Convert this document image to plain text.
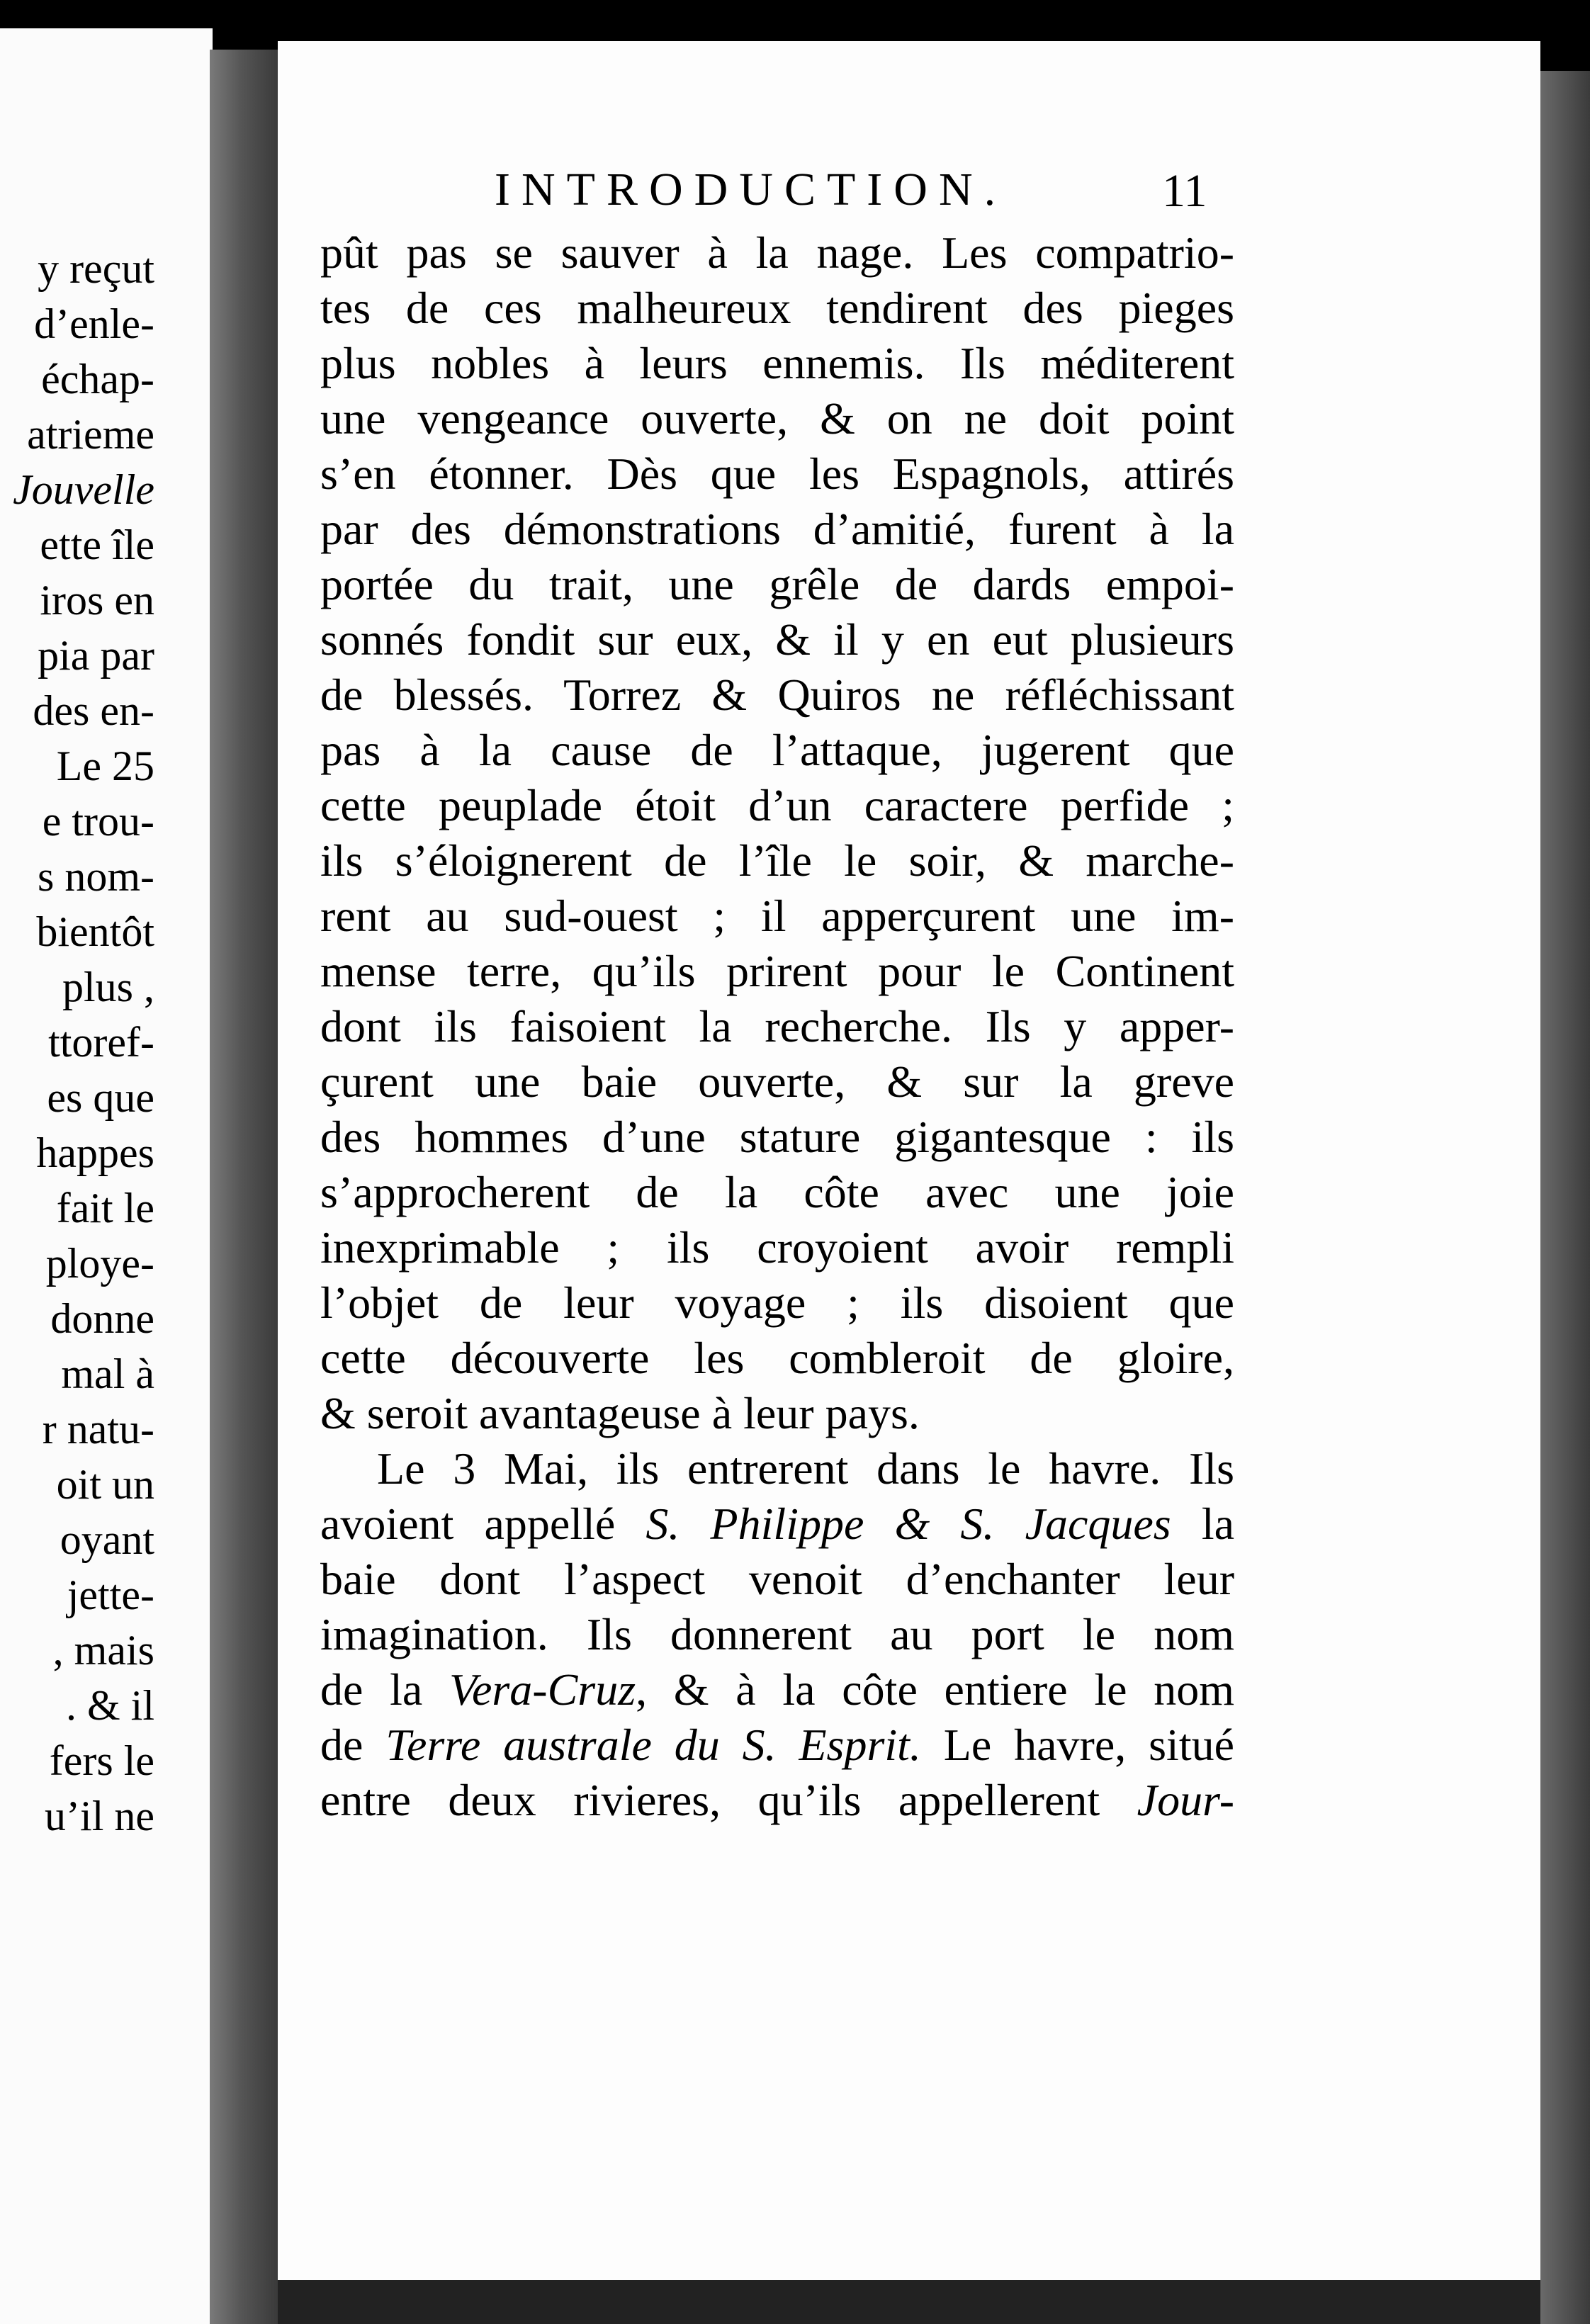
y reçut
d’enle-
échap-
atrieme
Jouvelle
ette île
iros en
pia par
des en-
Le 25
e trou-
s nom-
bientôt
plus ,
ttoref-
es que
happes
fait le
ploye-
donne
mal à
r natu-
oit un
oyant
jette-
, mais
. & il
fers le
u’il ne
INTRODUCTION.	11
pût pas se sauver à la nage. Les compatrio-
tes de ces malheureux tendirent des pieges
plus nobles à leurs ennemis. Ils méditerent
une vengeance ouverte, & on ne doit point
s’en étonner. Dès que les Espagnols, attirés
par des démonstrations d’amitié, furent à la
portée du trait, une grêle de dards empoi-
sonnés fondit sur eux, & il y en eut plusieurs
de blessés. Torrez & Quiros ne réfléchissant
pas à la cause de l’attaque, jugerent que
cette peuplade étoit d’un caractere perfide ;
ils s’éloignerent de l’île le soir, & marche-
rent au sud-ouest ; il apperçurent une im-
mense terre, qu’ils prirent pour le Continent
dont ils faisoient la recherche. Ils y apper-
çurent une baie ouverte, & sur la greve
des hommes d’une stature gigantesque : ils
s’approcherent de la côte avec une joie
inexprimable ; ils croyoient avoir rempli
l’objet de leur voyage ; ils disoient que
cette découverte les combleroit de gloire,
& seroit avantageuse à leur pays.
Le 3 Mai, ils entrerent dans le havre. Ils
avoient appellé S. Philippe & S. Jacques la
baie dont l’aspect venoit d’enchanter leur
imagination. Ils donnerent au port le nom
de la Vera-Cruz, & à la côte entiere le nom
de Terre australe du S. Esprit. Le havre, situé
entre deux rivieres, qu’ils appellerent Jour-
